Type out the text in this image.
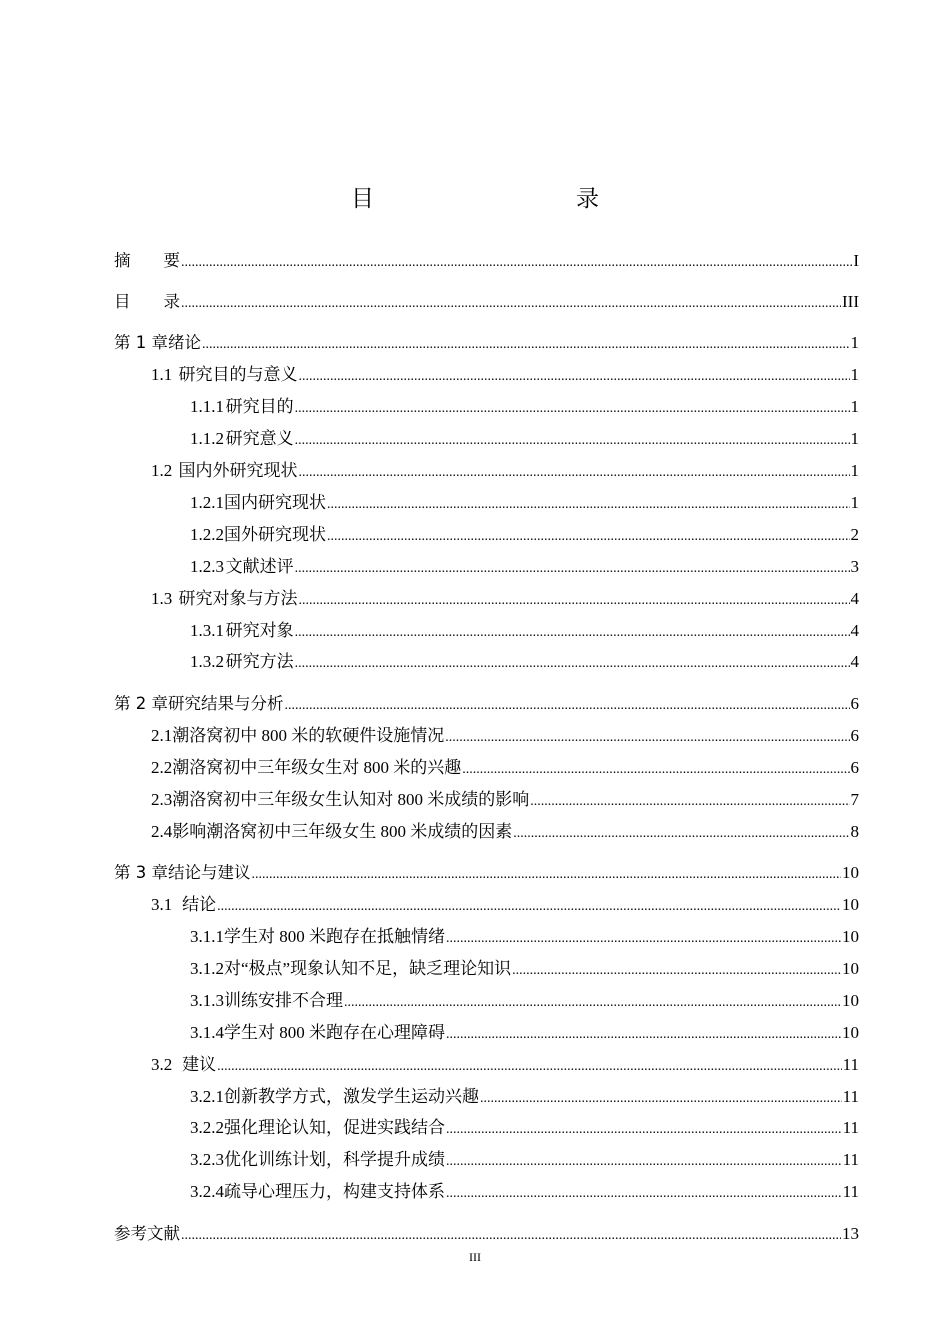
目　　录
摘　　要 .....	I
目　　录 .....	III
第 1 章 绪论 .....	1
1.1 研究目的与意义 .....	1
1.1.1 研究目的 .....	1
1.1.2 研究意义 .....	1
1.2 国内外研究现状 .....	1
1.2.1 国内研究现状 .....	1
1.2.2 国外研究现状 .....	2
1.2.3 文献述评 .....	3
1.3 研究对象与方法 .....	4
1.3.1 研究对象 .....	4
1.3.2 研究方法 .....	4
第 2 章 研究结果与分析 .....	6
2.1 潮洛窝初中 800 米的软硬件设施情况 .....	6
2.2 潮洛窝初中三年级女生对 800 米的兴趣 .....	6
2.3 潮洛窝初中三年级女生认知对 800 米成绩的影响 .....	7
2.4 影响潮洛窝初中三年级女生 800 米成绩的因素 .....	8
第 3 章 结论与建议 .....	10
3.1 结论 .....	10
3.1.1 学生对 800 米跑存在抵触情绪 .....	10
3.1.2 对“极点”现象认知不足，缺乏理论知识 .....	10
3.1.3 训练安排不合理 .....	10
3.1.4 学生对 800 米跑存在心理障碍 .....	10
3.2 建议 .....	11
3.2.1 创新教学方式，激发学生运动兴趣 .....	11
3.2.2 强化理论认知，促进实践结合 .....	11
3.2.3 优化训练计划，科学提升成绩 .....	11
3.2.4 疏导心理压力，构建支持体系 .....	11
参考文献 .....	13
III
